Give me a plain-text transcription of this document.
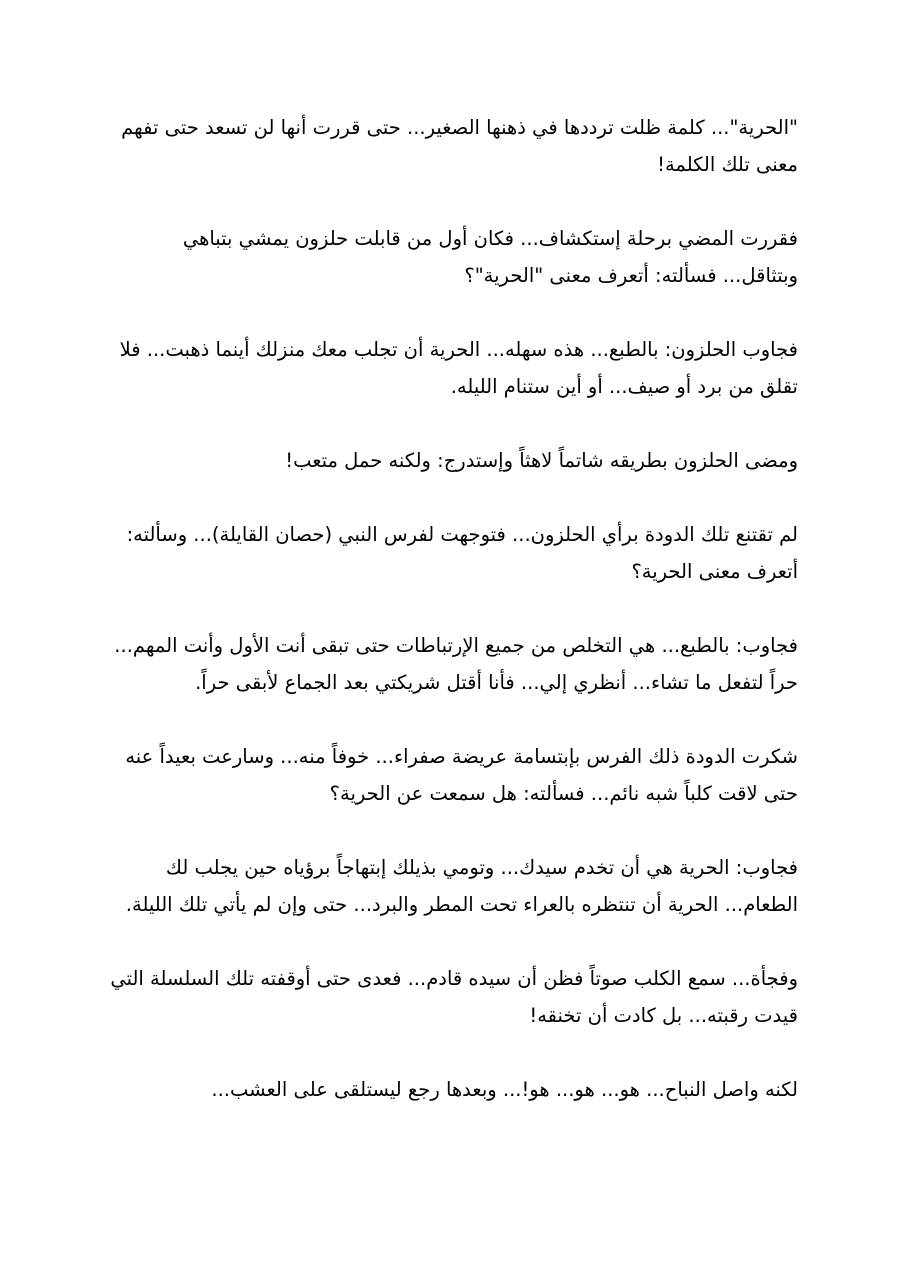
"الحرية"... كلمة ظلت ترددها في ذهنها الصغير... حتى قررت أنها لن تسعد حتى تفهم معنى تلك الكلمة!

فقررت المضي برحلة إستكشاف... فكان أول من قابلت حلزون يمشي بتباهي وبتثاقل... فسألته: أتعرف معنى "الحرية"؟

فجاوب الحلزون: بالطبع... هذه سهله... الحرية أن تجلب معك منزلك أينما ذهبت... فلا تقلق من برد أو صيف... أو أين ستنام الليله.

ومضى الحلزون بطريقه شاتماً لاهثاً وإستدرج: ولكنه حمل متعب!

لم تقتنع تلك الدودة برأي الحلزون... فتوجهت لفرس النبي (حصان القايلة)... وسألته: أتعرف معنى الحرية؟

فجاوب: بالطبع... هي التخلص من جميع الإرتباطات حتى تبقى أنت الأول وأنت المهم... حراً لتفعل ما تشاء... أنظري إلي... فأنا أقتل شريكتي بعد الجماع لأبقى حراً.

شكرت الدودة ذلك الفرس بإبتسامة عريضة صفراء... خوفاً منه... وسارعت بعيداً عنه حتى لاقت كلباً شبه نائم... فسألته: هل سمعت عن الحرية؟

فجاوب: الحرية هي أن تخدم سيدك... وتومي بذيلك إبتهاجاً برؤياه حين يجلب لك الطعام... الحرية أن تنتظره بالعراء تحت المطر والبرد... حتى وإن لم يأتي تلك الليلة.

وفجأة... سمع الكلب صوتاً فظن أن سيده قادم... فعدى حتى أوقفته تلك السلسلة التي قيدت رقبته... بل كادت أن تخنقه!

لكنه واصل النباح... هو... هو... هو!... وبعدها رجع ليستلقى على العشب...
